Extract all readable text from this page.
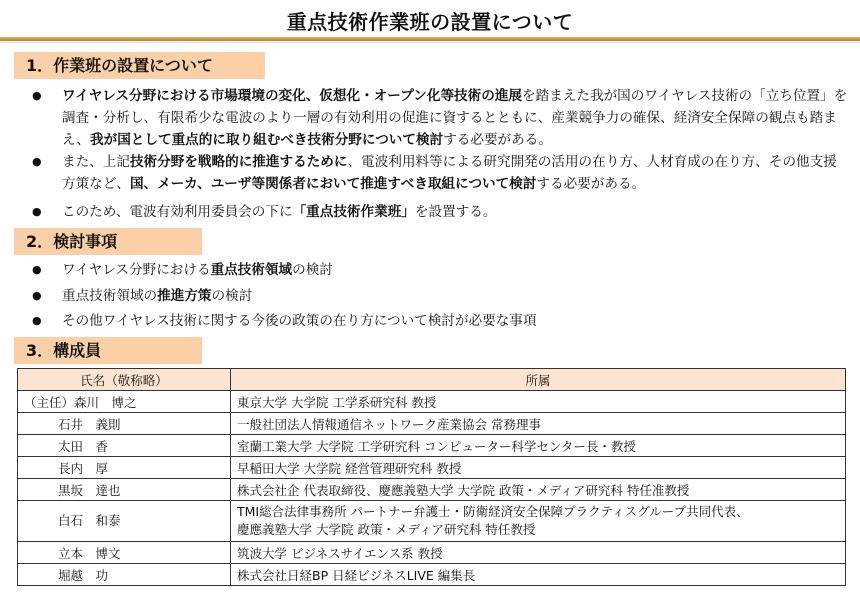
重点技術作業班の設置について
1．作業班の設置について
● ワイヤレス分野における市場環境の変化、仮想化・オープン化等技術の進展を踏まえた我が国のワイヤレス技術の「立ち位置」を調査・分析し、有限希少な電波のより一層の有効利用の促進に資するとともに、産業競争力の確保、経済安全保障の観点も踏まえ、我が国として重点的に取り組むべき技術分野について検討する必要がある。
● また、上記技術分野を戦略的に推進するために、電波利用料等による研究開発の活用の在り方、人材育成の在り方、その他支援方策など、国、メーカ、ユーザ等関係者において推進すべき取組について検討する必要がある。
● このため、電波有効利用委員会の下に「重点技術作業班」を設置する。
2．検討事項
● ワイヤレス分野における重点技術領域の検討
● 重点技術領域の推進方策の検討
● その他ワイヤレス技術に関する今後の政策の在り方について検討が必要な事項
3．構成員
氏名（敬称略）	所属
（主任）森川　博之	東京大学 大学院 工学系研究科 教授

石井　義則	一般社団法人情報通信ネットワーク産業協会 常務理事

太田　香	室蘭工業大学 大学院 工学研究科 コンピューター科学センター長・教授

長内　厚	早稲田大学 大学院 経営管理研究科 教授

黒坂　達也	株式会社企 代表取締役、慶應義塾大学 大学院 政策・メディア研究科 特任准教授

白石　和泰	
TMI総合法律事務所 パートナー弁護士・防衛経済安全保障プラクティスグループ共同代表、
慶應義塾大学 大学院 政策・メディア研究科 特任教授

立本　博文	筑波大学 ビジネスサイエンス系 教授

堀越　功	株式会社日経BP 日経ビジネスLIVE 編集長
